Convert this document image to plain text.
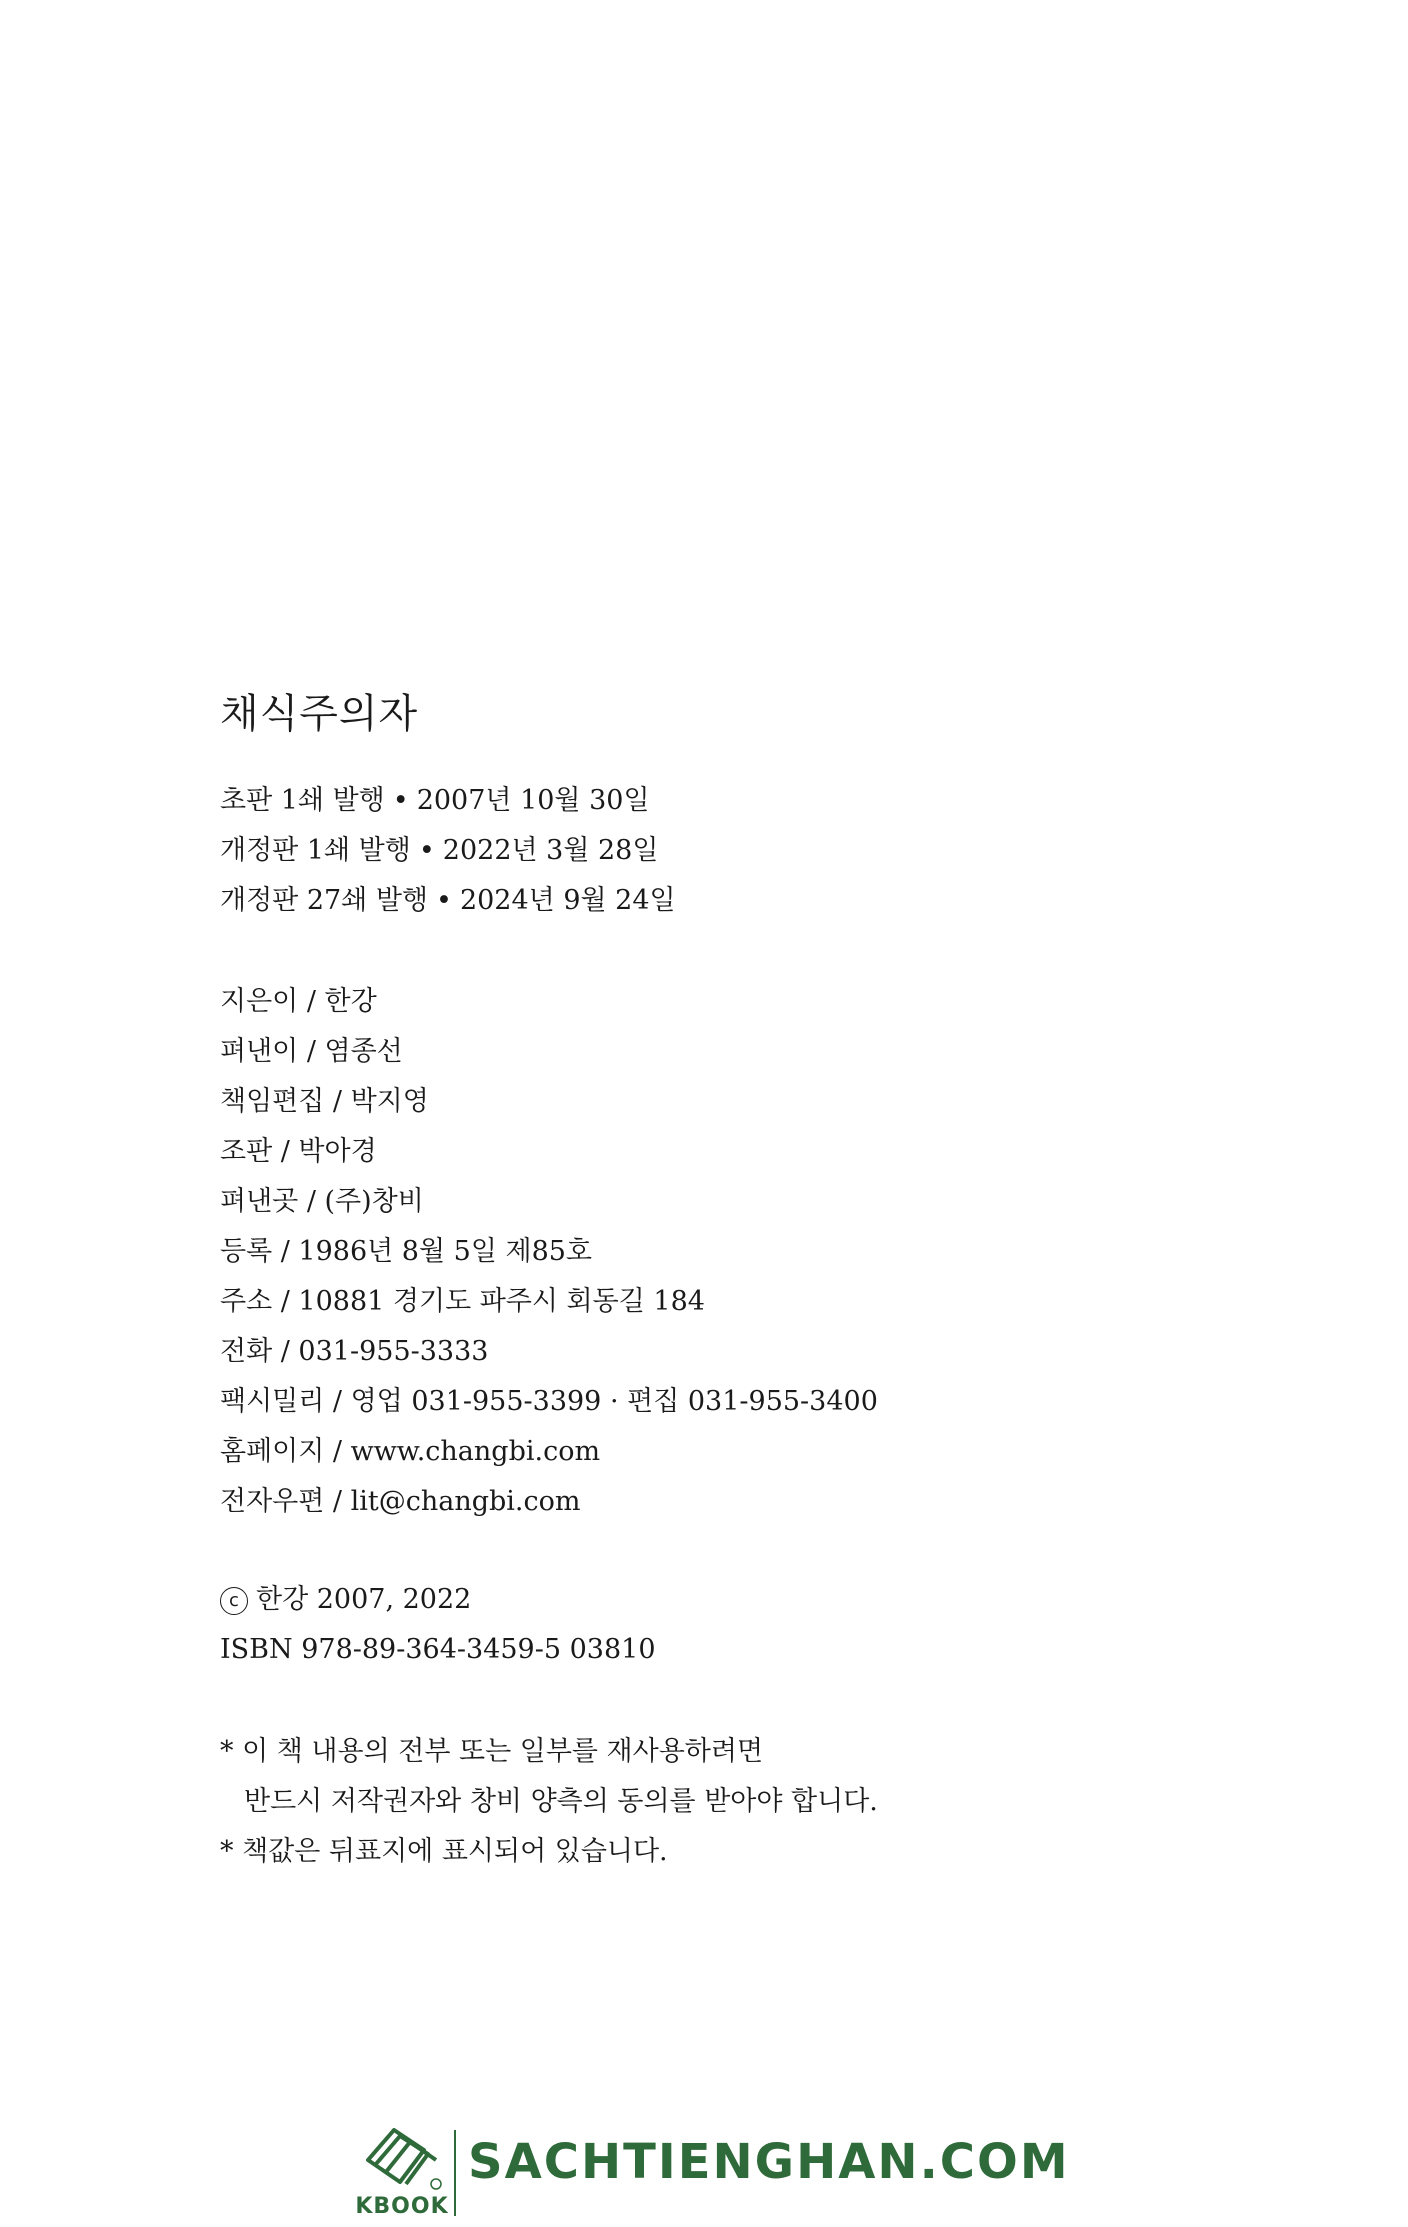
채식주의자
초판 1쇄 발행 • 2007년 10월 30일
개정판 1쇄 발행 • 2022년 3월 28일
개정판 27쇄 발행 • 2024년 9월 24일
지은이 / 한강
펴낸이 / 염종선
책임편집 / 박지영
조판 / 박아경
펴낸곳 / (주)창비
등록 / 1986년 8월 5일 제85호
주소 / 10881 경기도 파주시 회동길 184
전화 / 031-955-3333
팩시밀리 / 영업 031-955-3399 · 편집 031-955-3400
홈페이지 / www.changbi.com
전자우편 / lit@changbi.com
c 한강 2007, 2022
ISBN 978-89-364-3459-5 03810
* 이 책 내용의 전부 또는 일부를 재사용하려면
반드시 저작권자와 창비 양측의 동의를 받아야 합니다.
* 책값은 뒤표지에 표시되어 있습니다.
KBOOK
SACHTIENGHAN.COM
